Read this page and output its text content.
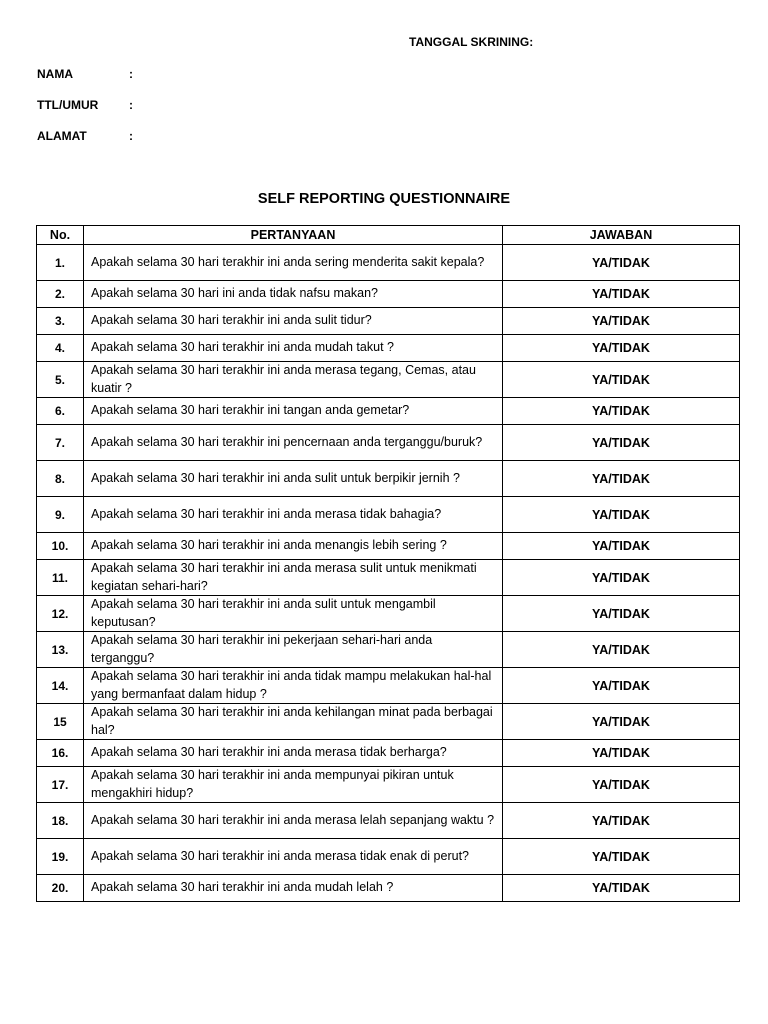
TANGGAL SKRINING:
NAMA	:
TTL/UMUR	:
ALAMAT	:
SELF REPORTING QUESTIONNAIRE
No.	PERTANYAAN	JAWABAN
1.	Apakah selama 30 hari terakhir ini anda sering menderita sakit kepala?	YA/TIDAK
2.	Apakah selama 30 hari ini anda tidak nafsu makan?	YA/TIDAK
3.	Apakah selama 30 hari terakhir ini anda sulit tidur?	YA/TIDAK
4.	Apakah selama 30 hari terakhir ini anda mudah takut ?	YA/TIDAK
5.	Apakah selama 30 hari terakhir ini anda merasa tegang, Cemas, atau kuatir ?	YA/TIDAK
6.	Apakah selama 30 hari terakhir ini tangan anda gemetar?	YA/TIDAK
7.	Apakah selama 30 hari terakhir ini pencernaan anda terganggu/buruk?	YA/TIDAK
8.	Apakah selama 30 hari terakhir ini anda sulit untuk berpikir jernih ?	YA/TIDAK
9.	Apakah selama 30 hari terakhir ini anda merasa tidak bahagia?	YA/TIDAK
10.	Apakah selama 30 hari terakhir ini anda menangis lebih sering ?	YA/TIDAK
11.	Apakah selama 30 hari terakhir ini anda merasa sulit untuk menikmati kegiatan sehari-hari?	YA/TIDAK
12.	Apakah selama 30 hari terakhir ini anda sulit untuk mengambil keputusan?	YA/TIDAK
13.	Apakah selama 30 hari terakhir ini pekerjaan sehari-hari anda terganggu?	YA/TIDAK
14.	Apakah selama 30 hari terakhir ini anda tidak mampu melakukan hal-hal yang bermanfaat dalam hidup ?	YA/TIDAK
15	Apakah selama 30 hari terakhir ini anda kehilangan minat pada berbagai hal?	YA/TIDAK
16.	Apakah selama 30 hari terakhir ini anda merasa tidak berharga?	YA/TIDAK
17.	Apakah selama 30 hari terakhir ini anda mempunyai pikiran untuk mengakhiri hidup?	YA/TIDAK
18.	Apakah selama 30 hari terakhir ini anda merasa lelah sepanjang waktu ?	YA/TIDAK
19.	Apakah selama 30 hari terakhir ini anda merasa tidak enak di perut?	YA/TIDAK
20.	Apakah selama 30 hari terakhir ini anda mudah lelah ?	YA/TIDAK
